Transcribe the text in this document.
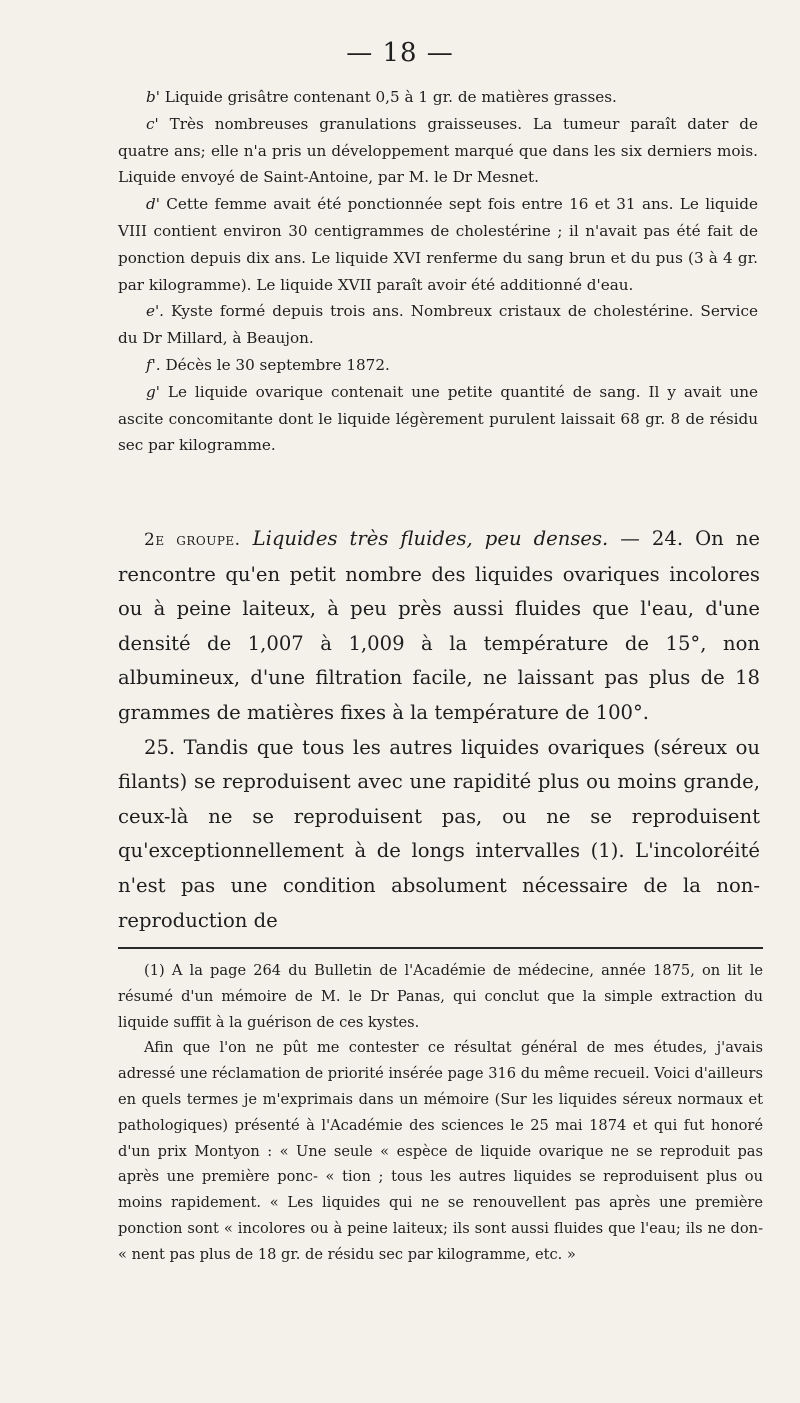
— 18 —

b' Liquide grisâtre contenant 0,5 à 1 gr. de matières grasses.

c' Très nombreuses granulations graisseuses. La tumeur paraît dater de quatre ans; elle n'a pris un développement marqué que dans les six derniers mois. Liquide envoyé de Saint-Antoine, par M. le Dr Mesnet.

d' Cette femme avait été ponctionnée sept fois entre 16 et 31 ans. Le liquide VIII contient environ 30 centigrammes de cholestérine ; il n'avait pas été fait de ponction depuis dix ans. Le liquide XVI renferme du sang brun et du pus (3 à 4 gr. par kilogramme). Le liquide XVII paraît avoir été additionné d'eau.

e'. Kyste formé depuis trois ans. Nombreux cristaux de cholestérine. Service du Dr Millard, à Beaujon.

f'. Décès le 30 septembre 1872.

g' Le liquide ovarique contenait une petite quantité de sang. Il y avait une ascite concomitante dont le liquide légèrement purulent laissait 68 gr. 8 de résidu sec par kilogramme.

2e groupe. Liquides très fluides, peu denses. — 24. On ne rencontre qu'en petit nombre des liquides ovariques incolores ou à peine laiteux, à peu près aussi fluides que l'eau, d'une densité de 1,007 à 1,009 à la température de 15°, non albumineux, d'une filtration facile, ne laissant pas plus de 18 grammes de matières fixes à la température de 100°.

25. Tandis que tous les autres liquides ovariques (séreux ou filants) se reproduisent avec une rapidité plus ou moins grande, ceux-là ne se reproduisent pas, ou ne se reproduisent qu'exceptionnellement à de longs intervalles (1). L'incoloréité n'est pas une condition absolument nécessaire de la non-reproduction de

(1) A la page 264 du Bulletin de l'Académie de médecine, année 1875, on lit le résumé d'un mémoire de M. le Dr Panas, qui conclut que la simple extraction du liquide suffit à la guérison de ces kystes.

Afin que l'on ne pût me contester ce résultat général de mes études, j'avais adressé une réclamation de priorité insérée page 316 du même recueil. Voici d'ailleurs en quels termes je m'exprimais dans un mémoire (Sur les liquides séreux normaux et pathologiques) présenté à l'Académie des sciences le 25 mai 1874 et qui fut honoré d'un prix Montyon : « Une seule « espèce de liquide ovarique ne se reproduit pas après une première ponc- « tion ; tous les autres liquides se reproduisent plus ou moins rapidement. « Les liquides qui ne se renouvellent pas après une première ponction sont « incolores ou à peine laiteux; ils sont aussi fluides que l'eau; ils ne don- « nent pas plus de 18 gr. de résidu sec par kilogramme, etc. »
